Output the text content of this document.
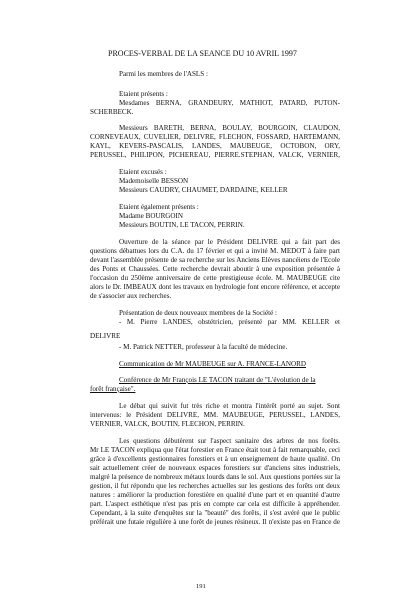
PROCES-VERBAL DE LA SEANCE DU 10 AVRIL 1997

Parmi les membres de l'ASLS :

Etaient présents :

Mesdames BERNA, GRANDEURY, MATHIOT, PATARD, PUTON-

SCHERBECK.

Messieurs BARETH, BERNA, BOULAY, BOURGOIN, CLAUDON,

CORNEVEAUX, CUVELIER, DELIVRE, FLECHON, FOSSARD, HARTEMANN,

KAYL, KEVERS-PASCALIS, LANDES, MAUBEUGE, OCTOBON, ORY,

PERUSSEL, PHILIPON, PICHEREAU, PIERRE.STEPHAN, VALCK, VERNIER,

Etaient excusés :

Mademoiselle BESSON

Messieurs CAUDRY, CHAUMET, DARDAINE, KELLER

Etaient également présents :

Madame BOURGOIN

Messieurs BOUTIN, LE TACON, PERRIN.

Ouverture de la séance par le Président DELIVRE qui a fait part des

questions débattues lors du C.A. du 17 février et qui a invité M. MEDOT à faire part

devant l'assemblée présente de sa recherche sur les Anciens Elèves nancéiens de l'Ecole

des Ponts et Chaussées. Cette recherche devrait aboutir à une exposition présentée à

l'occasion du 250ème anniversaire de cette prestigieuse école. M. MAUBEUGE cite

alors le Dr. IMBEAUX dont les travaux en hydrologie font encore référence, et accepte

de s'associer aux recherches.

Présentation de deux nouveaux membres de la Société :

- M. Pierre LANDES, obstétricien, présenté par MM. KELLER et

DELIVRE

- M. Patrick NETTER, professeur à la faculté de médecine.

Communication de Mr MAUBEUGE sur A. FRANCE-LANORD

Conférence de Mr François LE TACON traitant de "L'évolution de la

forêt française".

Le débat qui suivit fut très riche et montra l'intérêt porté au sujet. Sont

intervenus: le Président DELIVRE, MM. MAUBEUGE, PERUSSEL, LANDES,

VERNIER, VALCK, BOUTIN, FLECHON, PERRIN.

Les questions débutèrent sur l'aspect sanitaire des arbres de nos forêts.

Mr LE TACON expliqua que l'état forestier en France était tout à fait remarquable, ceci

grâce à d'excellents gestionnaires forestiers et à un enseignement de haute qualité. On

sait actuellement créer de nouveaux espaces forestiers sur d'anciens sites industriels,

malgré la présence de nombreux métaux lourds dans le sol. Aux questions portées sur la

gestion, il fut répondu que les recherches actuelles sur les gestions des forêts ont deux

natures : améliorer la production forestière en qualité d'une part et en quantité d'autre

part. L'aspect esthétique n'est pas pris en compte car cela est difficile à appréhender.

Cependant, à la suite d'enquêtes sur la "beauté" des forêts, il s'est avéré que le public

préférait une futaie régulière à une forêt de jeunes résineux. Il n'existe pas en France de

191
